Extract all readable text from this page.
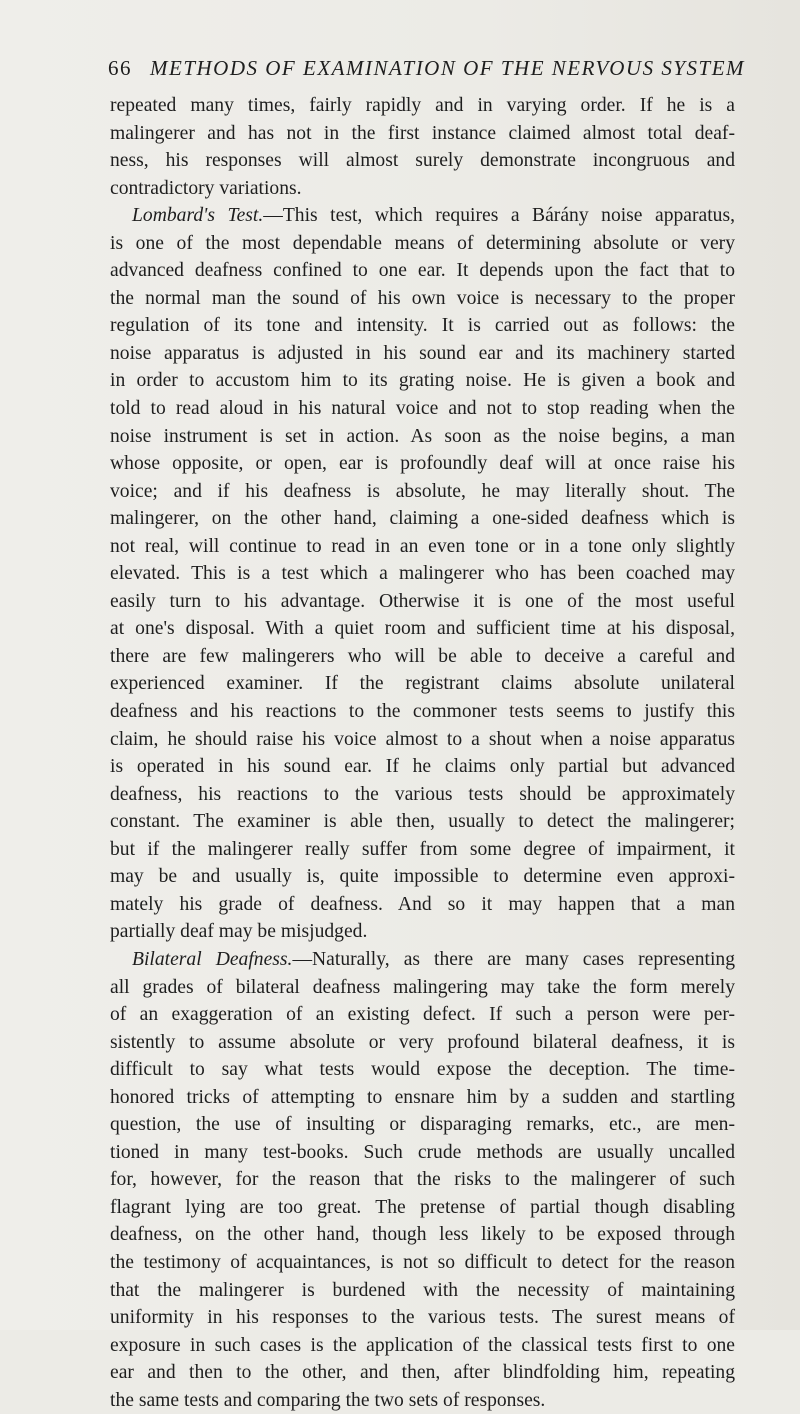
66 METHODS OF EXAMINATION OF THE NERVOUS SYSTEM
repeated many times, fairly rapidly and in varying order. If he is a
malingerer and has not in the first instance claimed almost total deaf-
ness, his responses will almost surely demonstrate incongruous and
contradictory variations.
Lombard's Test.—This test, which requires a Bárány noise apparatus,
is one of the most dependable means of determining absolute or very
advanced deafness confined to one ear. It depends upon the fact that to
the normal man the sound of his own voice is necessary to the proper
regulation of its tone and intensity. It is carried out as follows: the
noise apparatus is adjusted in his sound ear and its machinery started
in order to accustom him to its grating noise. He is given a book and
told to read aloud in his natural voice and not to stop reading when the
noise instrument is set in action. As soon as the noise begins, a man
whose opposite, or open, ear is profoundly deaf will at once raise his
voice; and if his deafness is absolute, he may literally shout. The
malingerer, on the other hand, claiming a one-sided deafness which is
not real, will continue to read in an even tone or in a tone only slightly
elevated. This is a test which a malingerer who has been coached may
easily turn to his advantage. Otherwise it is one of the most useful
at one's disposal. With a quiet room and sufficient time at his disposal,
there are few malingerers who will be able to deceive a careful and
experienced examiner. If the registrant claims absolute unilateral
deafness and his reactions to the commoner tests seems to justify this
claim, he should raise his voice almost to a shout when a noise apparatus
is operated in his sound ear. If he claims only partial but advanced
deafness, his reactions to the various tests should be approximately
constant. The examiner is able then, usually to detect the malingerer;
but if the malingerer really suffer from some degree of impairment, it
may be and usually is, quite impossible to determine even approxi-
mately his grade of deafness. And so it may happen that a man
partially deaf may be misjudged.
Bilateral Deafness.—Naturally, as there are many cases representing
all grades of bilateral deafness malingering may take the form merely
of an exaggeration of an existing defect. If such a person were per-
sistently to assume absolute or very profound bilateral deafness, it is
difficult to say what tests would expose the deception. The time-
honored tricks of attempting to ensnare him by a sudden and startling
question, the use of insulting or disparaging remarks, etc., are men-
tioned in many test-books. Such crude methods are usually uncalled
for, however, for the reason that the risks to the malingerer of such
flagrant lying are too great. The pretense of partial though disabling
deafness, on the other hand, though less likely to be exposed through
the testimony of acquaintances, is not so difficult to detect for the reason
that the malingerer is burdened with the necessity of maintaining
uniformity in his responses to the various tests. The surest means of
exposure in such cases is the application of the classical tests first to one
ear and then to the other, and then, after blindfolding him, repeating
the same tests and comparing the two sets of responses.
